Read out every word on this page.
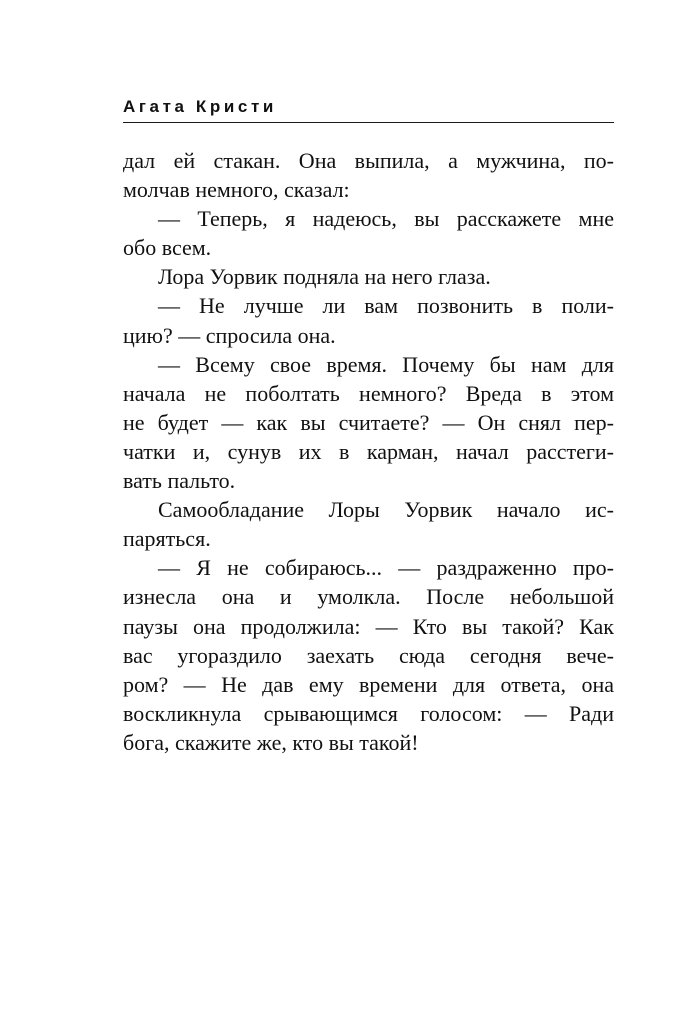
Агата Кристи
дал ей стакан. Она выпила, а мужчина, по-
молчав немного, сказал:
— Теперь, я надеюсь, вы расскажете мне
обо всем.
Лора Уорвик подняла на него глаза.
— Не лучше ли вам позвонить в поли-
цию? — спросила она.
— Всему свое время. Почему бы нам для
начала не поболтать немного? Вреда в этом
не будет — как вы считаете? — Он снял пер-
чатки и, сунув их в карман, начал расстеги-
вать пальто.
Самообладание Лоры Уорвик начало ис-
паряться.
— Я не собираюсь... — раздраженно про-
изнесла она и умолкла. После небольшой
паузы она продолжила: — Кто вы такой? Как
вас угораздило заехать сюда сегодня вече-
ром? — Не дав ему времени для ответа, она
воскликнула срывающимся голосом: — Ради
бога, скажите же, кто вы такой!
